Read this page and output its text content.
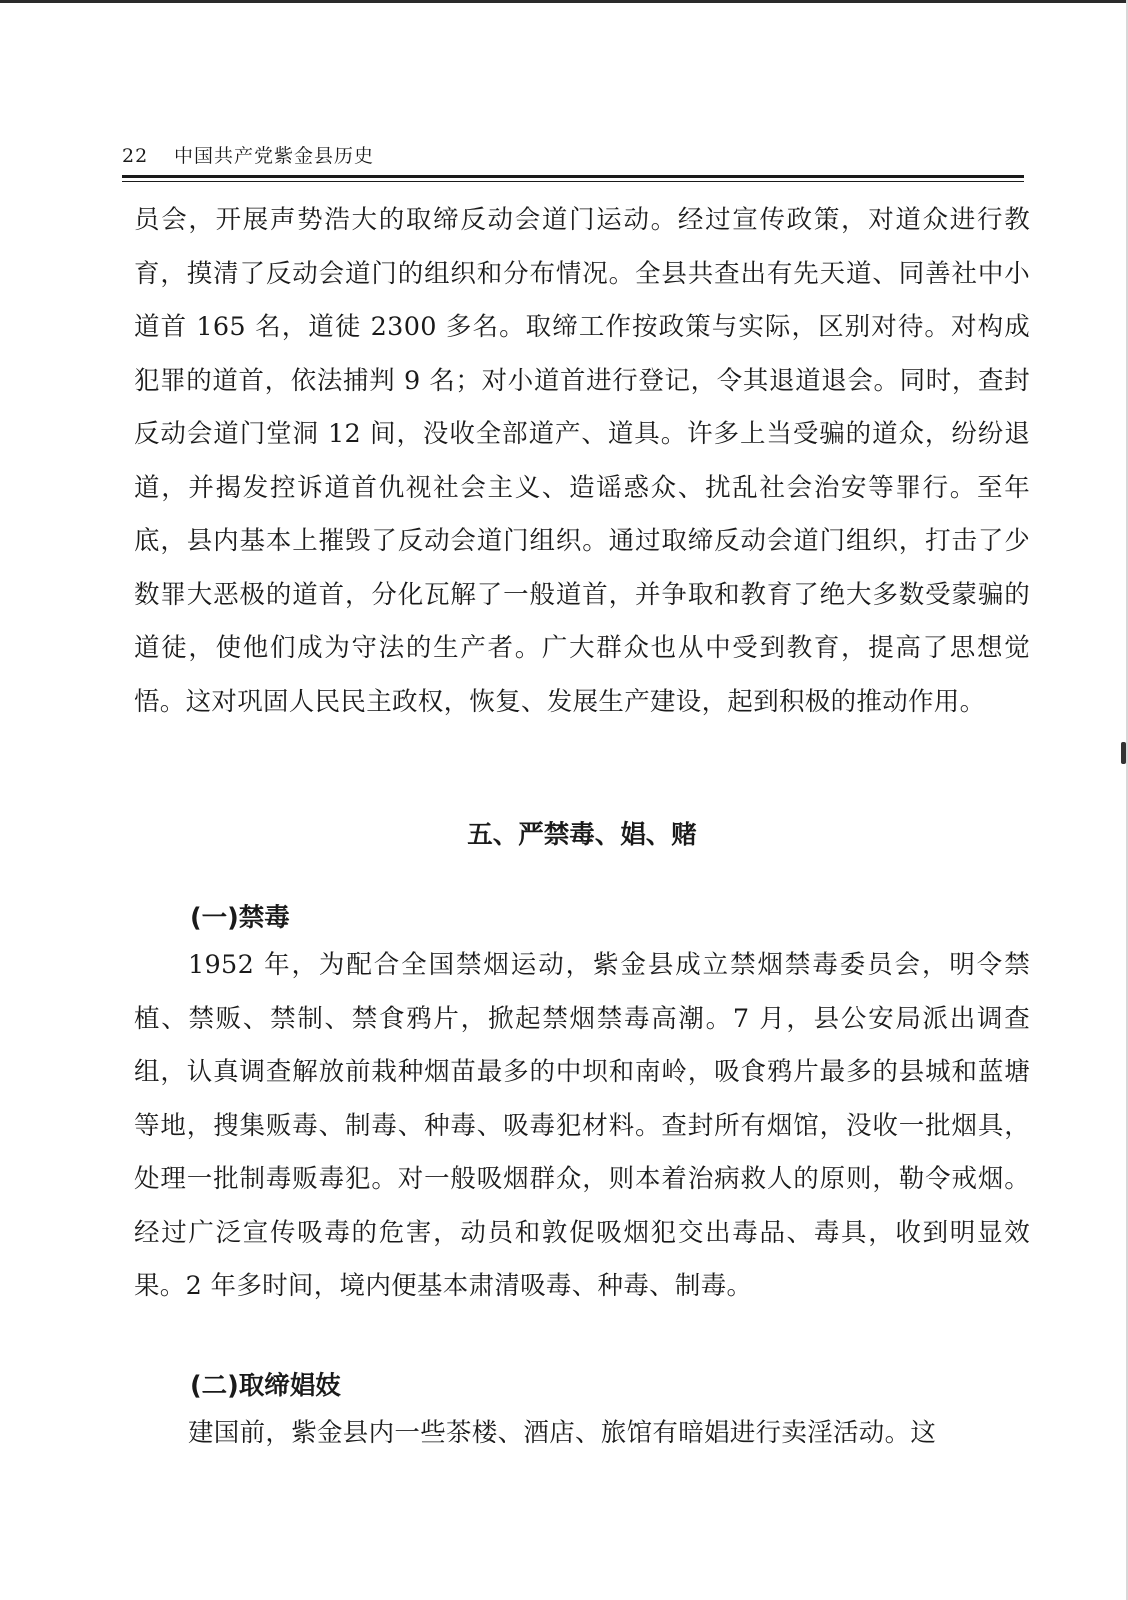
22 中国共产党紫金县历史
员会，开展声势浩大的取缔反动会道门运动。经过宣传政策，对道众进行教育，摸清了反动会道门的组织和分布情况。全县共查出有先天道、同善社中小道首 165 名，道徒 2300 多名。取缔工作按政策与实际，区别对待。对构成犯罪的道首，依法捕判 9 名；对小道首进行登记，令其退道退会。同时，查封反动会道门堂洞 12 间，没收全部道产、道具。许多上当受骗的道众，纷纷退道，并揭发控诉道首仇视社会主义、造谣惑众、扰乱社会治安等罪行。至年底，县内基本上摧毁了反动会道门组织。通过取缔反动会道门组织，打击了少数罪大恶极的道首，分化瓦解了一般道首，并争取和教育了绝大多数受蒙骗的道徒，使他们成为守法的生产者。广大群众也从中受到教育，提高了思想觉悟。这对巩固人民民主政权，恢复、发展生产建设，起到积极的推动作用。
五、严禁毒、娼、赌
(一)禁毒
1952 年，为配合全国禁烟运动，紫金县成立禁烟禁毒委员会，明令禁植、禁贩、禁制、禁食鸦片，掀起禁烟禁毒高潮。7 月，县公安局派出调查组，认真调查解放前栽种烟苗最多的中坝和南岭，吸食鸦片最多的县城和蓝塘等地，搜集贩毒、制毒、种毒、吸毒犯材料。查封所有烟馆，没收一批烟具，处理一批制毒贩毒犯。对一般吸烟群众，则本着治病救人的原则，勒令戒烟。经过广泛宣传吸毒的危害，动员和敦促吸烟犯交出毒品、毒具，收到明显效果。2 年多时间，境内便基本肃清吸毒、种毒、制毒。
(二)取缔娼妓
建国前，紫金县内一些茶楼、酒店、旅馆有暗娼进行卖淫活动。这
